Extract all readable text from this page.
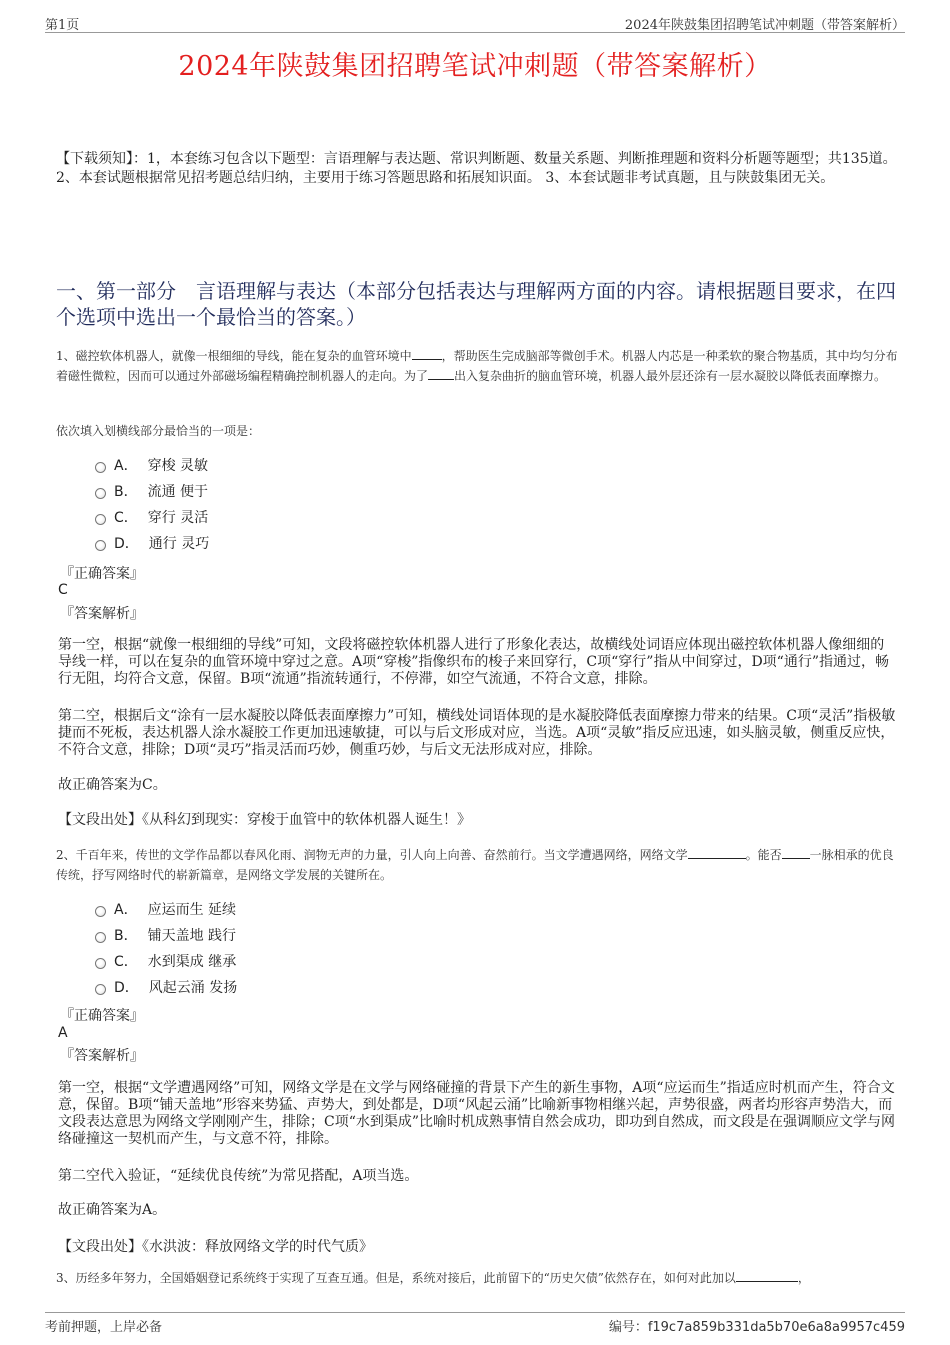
第1页	2024年陕鼓集团招聘笔试冲刺题（带答案解析）
2024年陕鼓集团招聘笔试冲刺题（带答案解析）
【下载须知】：1，本套练习包含以下题型：言语理解与表达题、常识判断题、数量关系题、判断推理题和资料分析题等题型；共135道。 2、本套试题根据常见招考题总结归纳，主要用于练习答题思路和拓展知识面。 3、本套试题非考试真题，且与陕鼓集团无关。
一、第一部分　言语理解与表达（本部分包括表达与理解两方面的内容。请根据题目要求，在四个选项中选出一个最恰当的答案。）
1、磁控软体机器人，就像一根细细的导线，能在复杂的血管环境中	，帮助医生完成脑部等微创手术。机器人内芯是一种柔软的聚合物基质，其中均匀分布着磁性微粒，因而可以通过外部磁场编程精确控制机器人的走向。为了 出入复杂曲折的脑血管环境，机器人最外层还涂有一层水凝胶以降低表面摩擦力。
依次填入划横线部分最恰当的一项是：
A． 穿梭 灵敏
B． 流通 便于
C． 穿行 灵活
D． 通行 灵巧
『正确答案』
C
『答案解析』
第一空，根据“就像一根细细的导线”可知，文段将磁控软体机器人进行了形象化表达，故横线处词语应体现出磁控软体机器人像细细的导线一样，可以在复杂的血管环境中穿过之意。A项“穿梭”指像织布的梭子来回穿行，C项“穿行”指从中间穿过，D项“通行”指通过，畅行无阻，均符合文意，保留。B项“流通”指流转通行，不停滞，如空气流通，不符合文意，排除。
第二空，根据后文“涂有一层水凝胶以降低表面摩擦力”可知，横线处词语体现的是水凝胶降低表面摩擦力带来的结果。C项“灵活”指极敏捷而不死板，表达机器人涂水凝胶工作更加迅速敏捷，可以与后文形成对应，当选。A项“灵敏”指反应迅速，如头脑灵敏，侧重反应快，不符合文意，排除；D项“灵巧”指灵活而巧妙，侧重巧妙，与后文无法形成对应，排除。
故正确答案为C。
【文段出处】《从科幻到现实：穿梭于血管中的软体机器人诞生！》
2、千百年来，传世的文学作品都以春风化雨、润物无声的力量，引人向上向善、奋然前行。当文学遭遇网络，网络文学	。能否 一脉相承的优良传统，抒写网络时代的崭新篇章，是网络文学发展的关键所在。
A． 应运而生 延续
B． 铺天盖地 践行
C． 水到渠成 继承
D． 风起云涌 发扬
『正确答案』
A
『答案解析』
第一空，根据“文学遭遇网络”可知，网络文学是在文学与网络碰撞的背景下产生的新生事物，A项“应运而生”指适应时机而产生，符合文意，保留。B项“铺天盖地”形容来势猛、声势大，到处都是，D项“风起云涌”比喻新事物相继兴起，声势很盛，两者均形容声势浩大，而文段表达意思为网络文学刚刚产生，排除；C项“水到渠成”比喻时机成熟事情自然会成功，即功到自然成，而文段是在强调顺应文学与网络碰撞这一契机而产生，与文意不符，排除。
第二空代入验证，“延续优良传统”为常见搭配，A项当选。
故正确答案为A。
【文段出处】《水洪波：释放网络文学的时代气质》
3、历经多年努力，全国婚姻登记系统终于实现了互查互通。但是，系统对接后，此前留下的“历史欠债”依然存在，如何对此加以	，
考前押题，上岸必备	编号：f19c7a859b331da5b70e6a8a9957c459
